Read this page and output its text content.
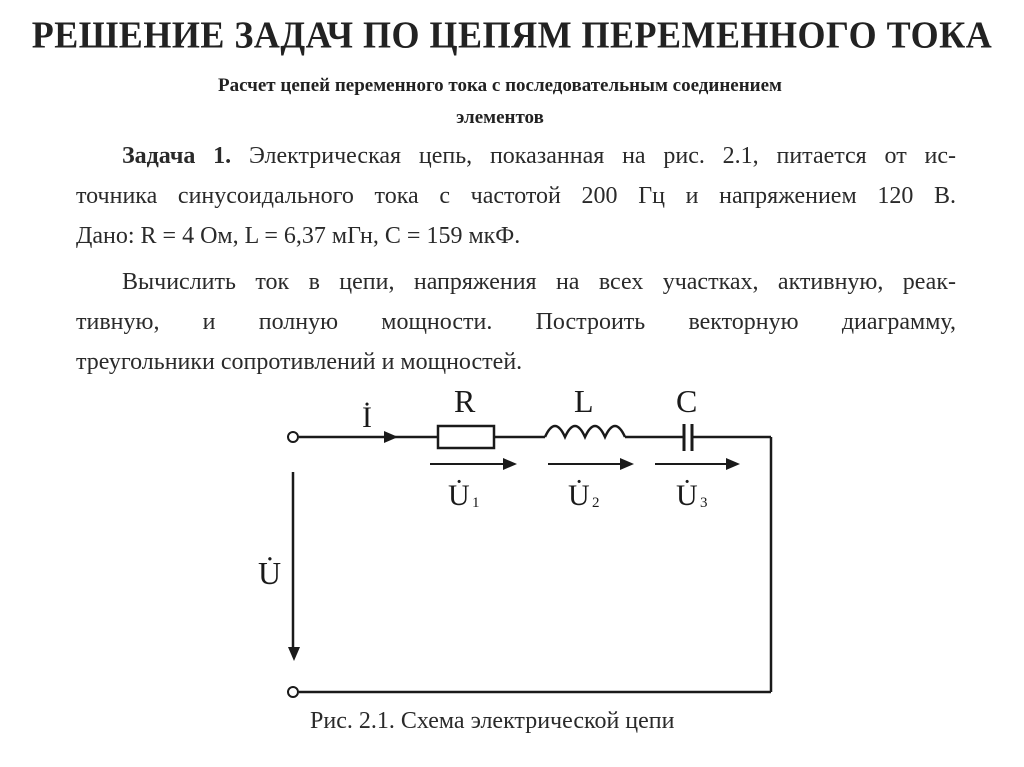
РЕШЕНИЕ ЗАДАЧ ПО ЦЕПЯМ ПЕРЕМЕННОГО ТОКА
Расчет цепей переменного тока с последовательным соединением
элементов
Задача 1. Электрическая цепь, показанная на рис. 2.1, питается от ис-
точника синусоидального тока с частотой 200 Гц и напряжением 120 В.
Дано: R = 4 Ом, L = 6,37 мГн, C = 159 мкФ.
Вычислить ток в цепи, напряжения на всех участках, активную, реак-
тивную, и полную мощности. Построить векторную диаграмму,
треугольники сопротивлений и мощностей.
İ	R	L	C
U̇
U̇ 1	U̇ 2	U̇ 3
Рис. 2.1. Схема электрической цепи
